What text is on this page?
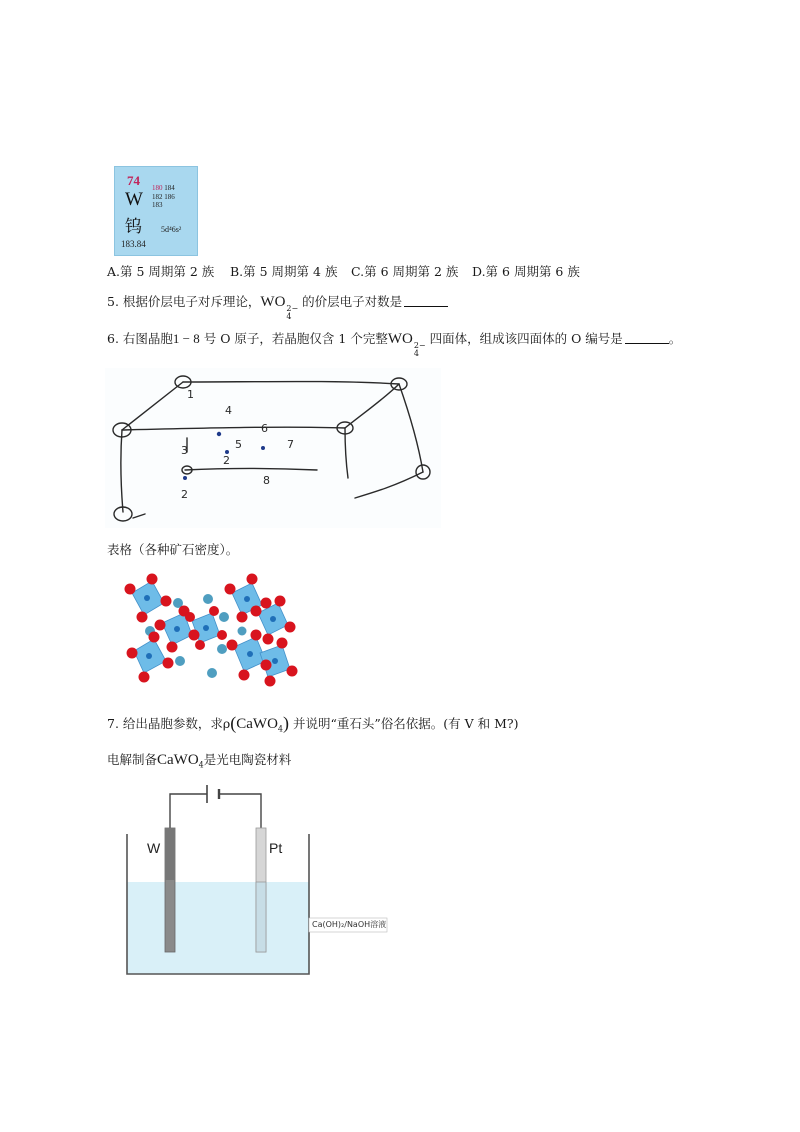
74
W
钨
180 184
182 186
183
5d⁴6s²
183.84
A.第 5 周期第 2 族 B.第 5 周期第 4 族 C.第 6 周期第 2 族 D.第 6 周期第 6 族
5. 根据价层电子对斥理论，WO 2−
4
的价层电子对数是
6. 右图晶胞1 − 8 号 O 原子，若晶胞仅含 1 个完整WO 2−
4
四面体，组成该四面体的 O 编号是	。
1
4
6
5	7
3
2
8
2
表格（各种矿石密度）。
7. 给出晶胞参数，求ρ(CaWO$_4$) 并说明“重石头”俗名依据。(有 V 和 M?)
电解制备CaWO$_4$是光电陶瓷材料
W	Pt
Ca(OH)₂/NaOH溶液
